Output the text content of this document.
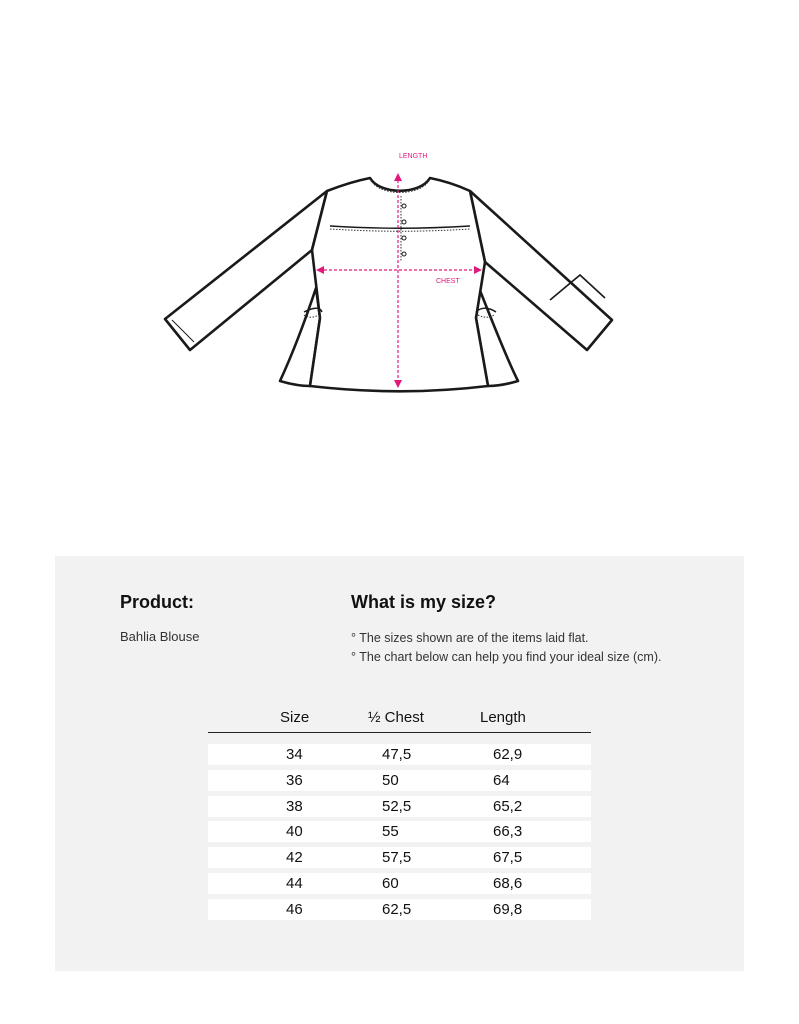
LENGTH
CHEST
Product:
Bahlia Blouse
What is my size?
° The sizes shown are of the items laid flat.
° The chart below can help you find your ideal size (cm).
Size	½ Chest	Length
34	47,5	62,9
36	50	64
38	52,5	65,2
40	55	66,3
42	57,5	67,5
44	60	68,6
46	62,5	69,8
